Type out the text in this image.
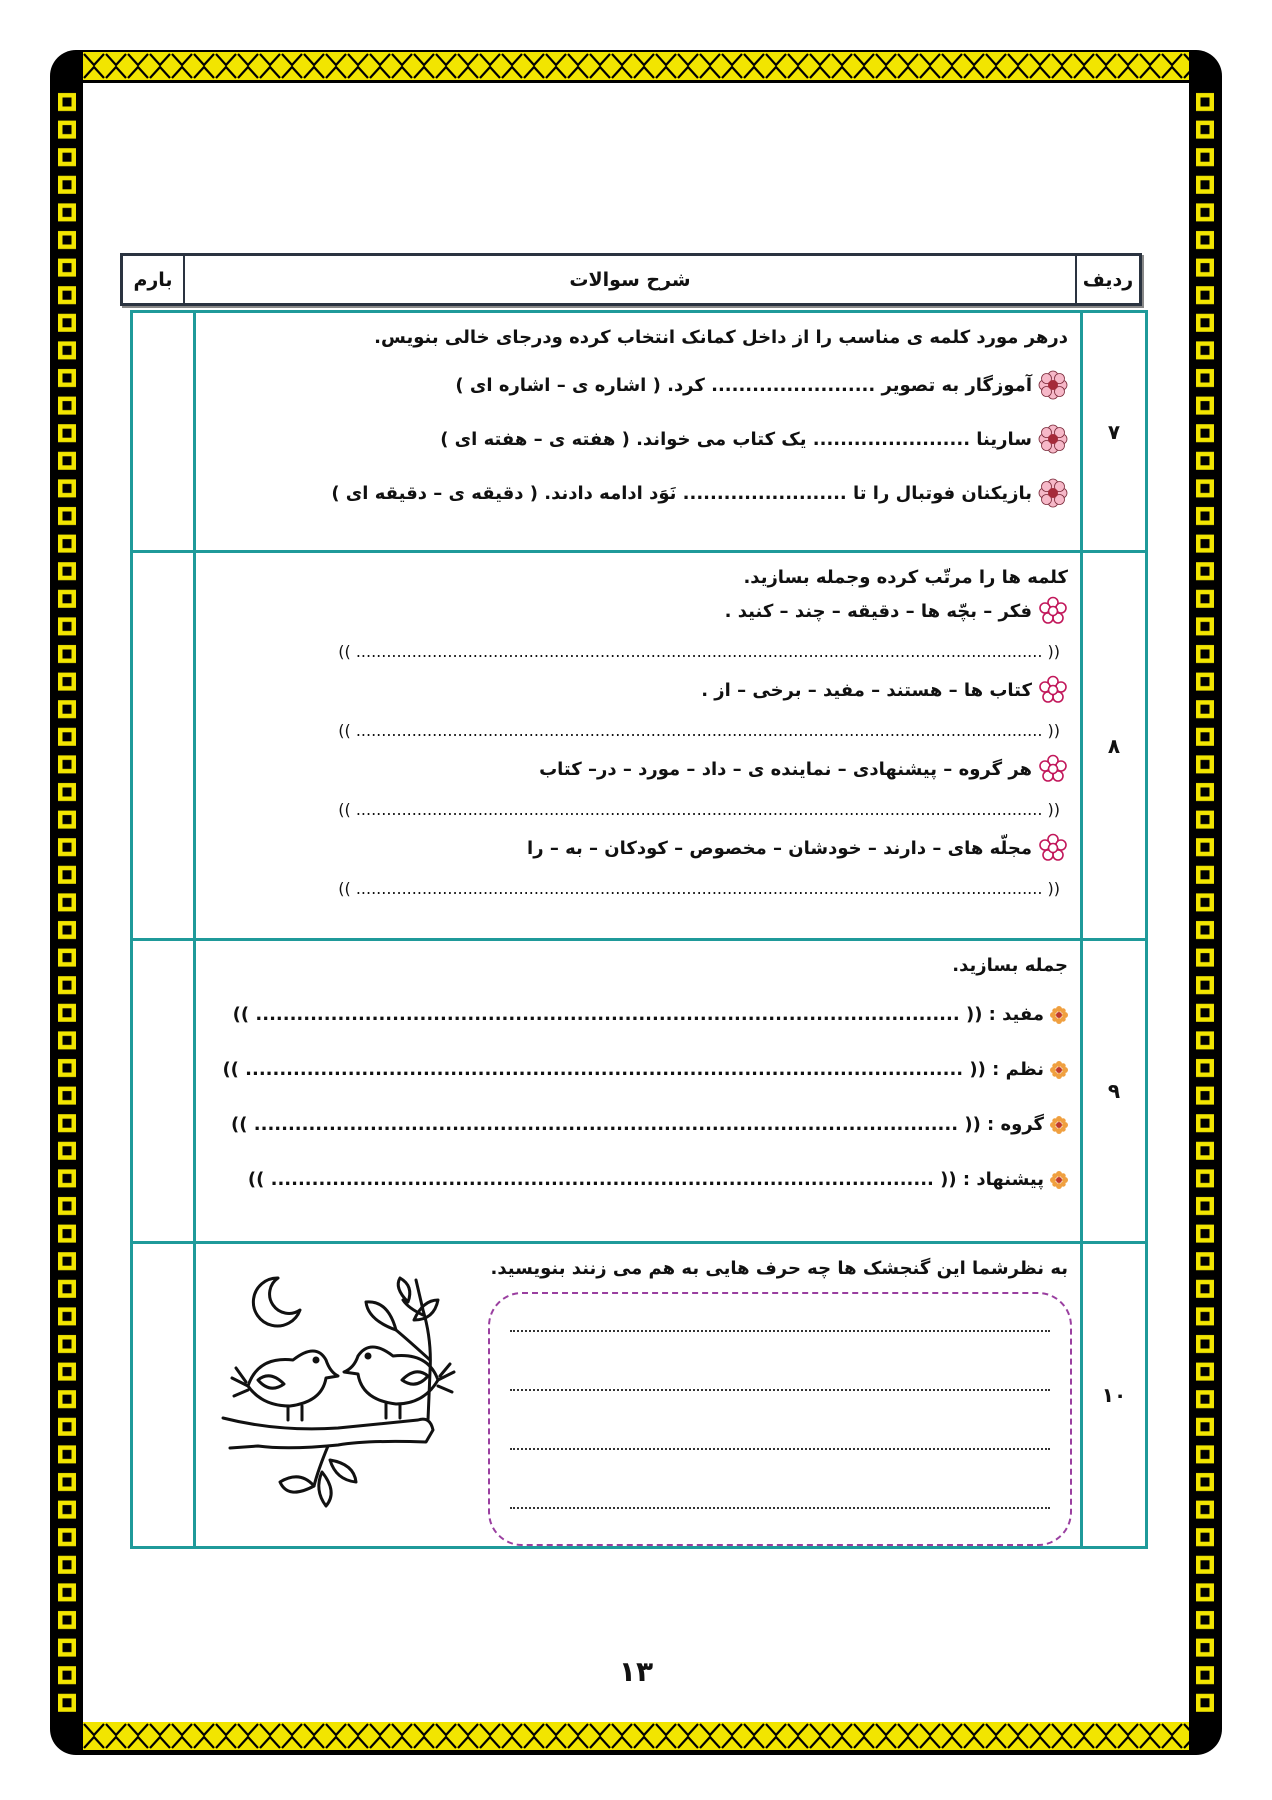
ردیف
شرح سوالات
بارم
۷
درهر مورد کلمه ی مناسب را از داخل کمانک انتخاب کرده ودرجای خالی بنویس.
آموزگار به تصویر ........................ کرد. ( اشاره ی – اشاره ای )
سارینا ....................... یک کتاب می خواند. ( هفته ی – هفته ای )
بازیکنان فوتبال را تا ........................ نَوَد ادامه دادند. ( دقیقه ی – دقیقه ای )
۸
کلمه ها را مرتّب کرده وجمله بسازید.
فکر – بچّه ها – دقیقه – چند – کنید .
(( ....................................................................................................................................... ))
کتاب ها – هستند – مفید – برخی – از .
(( ....................................................................................................................................... ))
هر گروه – پیشنهادی – نماینده ی – داد – مورد – در– کتاب
(( ....................................................................................................................................... ))
مجلّه های – دارند – خودشان – مخصوص – کودکان – به – را
(( ....................................................................................................................................... ))
۹
جمله بسازید.
مفید : (( ....................................................................................................... ))
نظم : (( ......................................................................................................... ))
گروه : (( ....................................................................................................... ))
پیشنهاد : (( ................................................................................................. ))
۱۰
به نظرشما این گنجشک ها چه حرف هایی به هم می زنند بنویسید.
۱۳
